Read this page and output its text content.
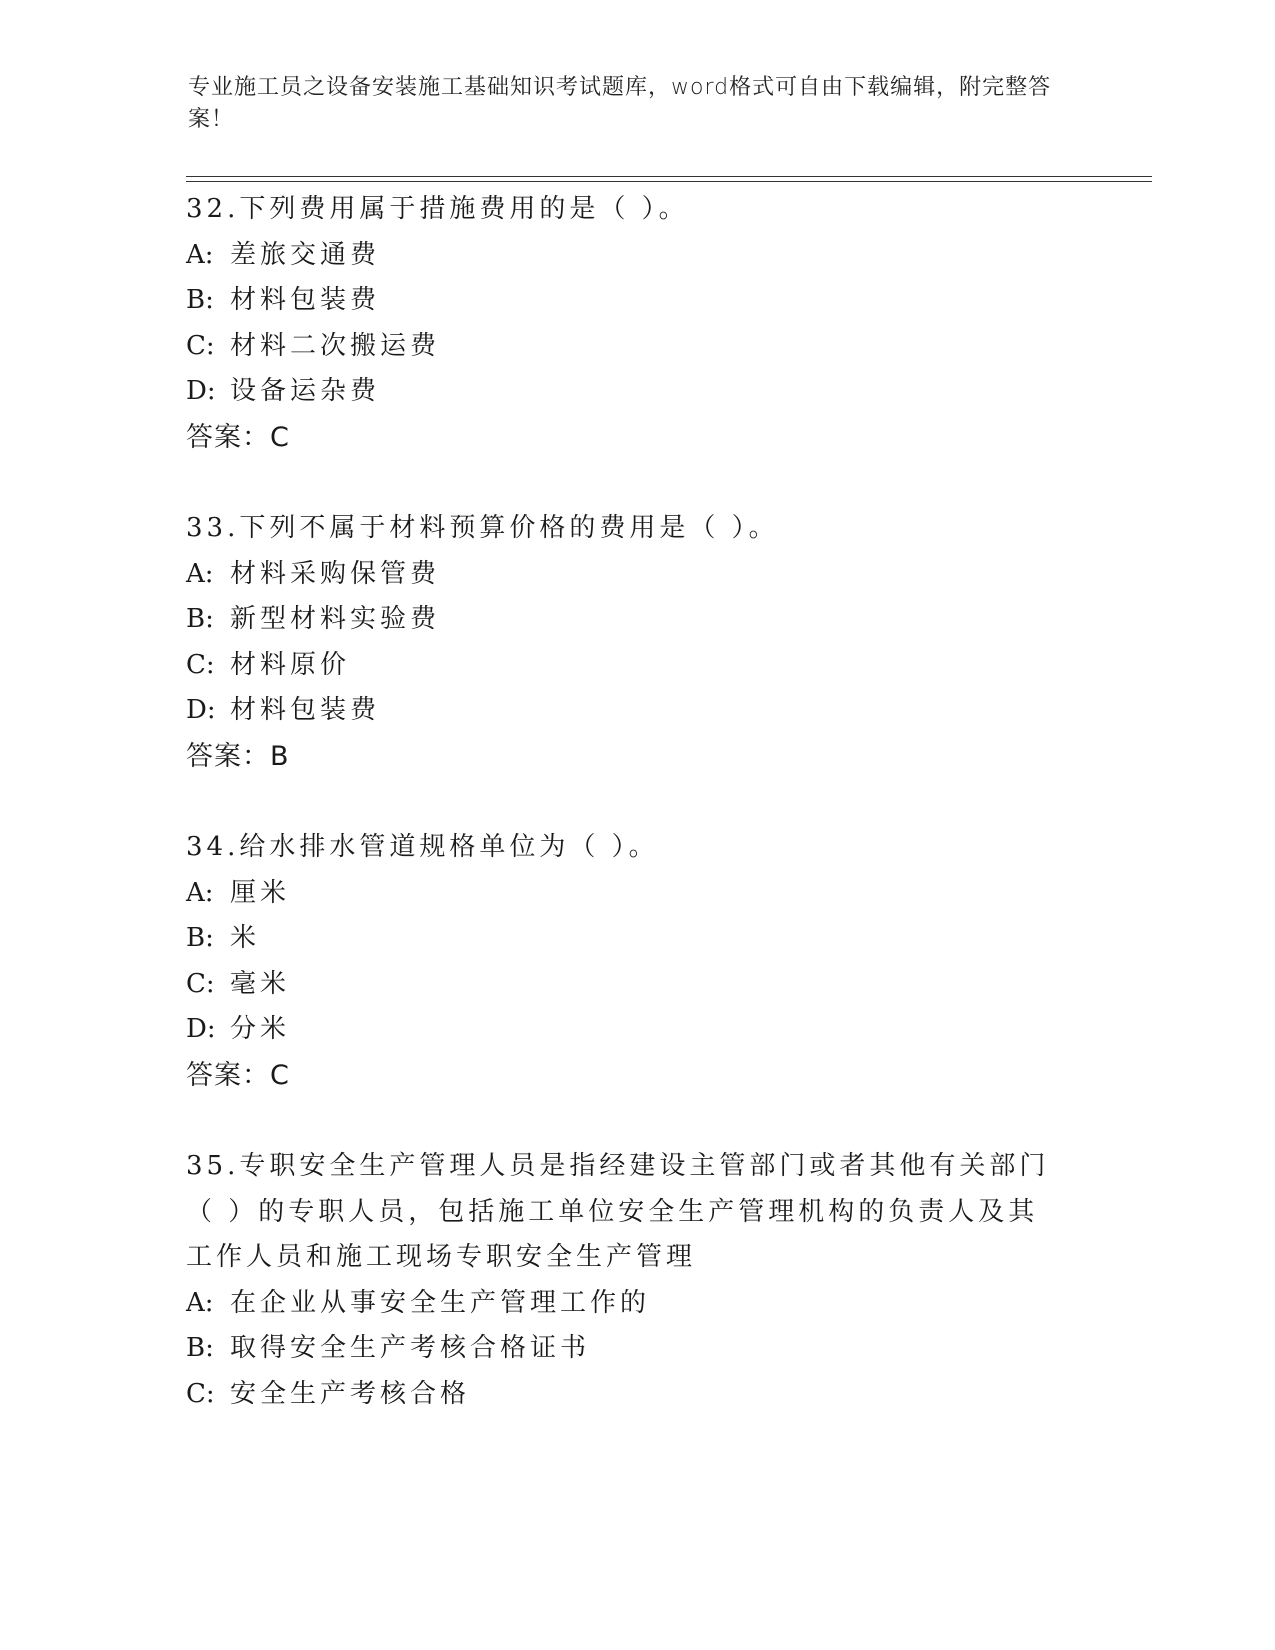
专业施工员之设备安装施工基础知识考试题库，word格式可自由下载编辑，附完整答案！

32.下列费用属于措施费用的是（ ）。

A: 差旅交通费

B: 材料包装费

C: 材料二次搬运费

D: 设备运杂费

答案：C

33.下列不属于材料预算价格的费用是（ ）。

A: 材料采购保管费

B: 新型材料实验费

C: 材料原价

D: 材料包装费

答案：B

34.给水排水管道规格单位为（ ）。

A: 厘米

B: 米

C: 毫米

D: 分米

答案：C

35.专职安全生产管理人员是指经建设主管部门或者其他有关部门（ ）的专职人员，包括施工单位安全生产管理机构的负责人及其工作人员和施工现场专职安全生产管理

A: 在企业从事安全生产管理工作的

B: 取得安全生产考核合格证书

C: 安全生产考核合格
